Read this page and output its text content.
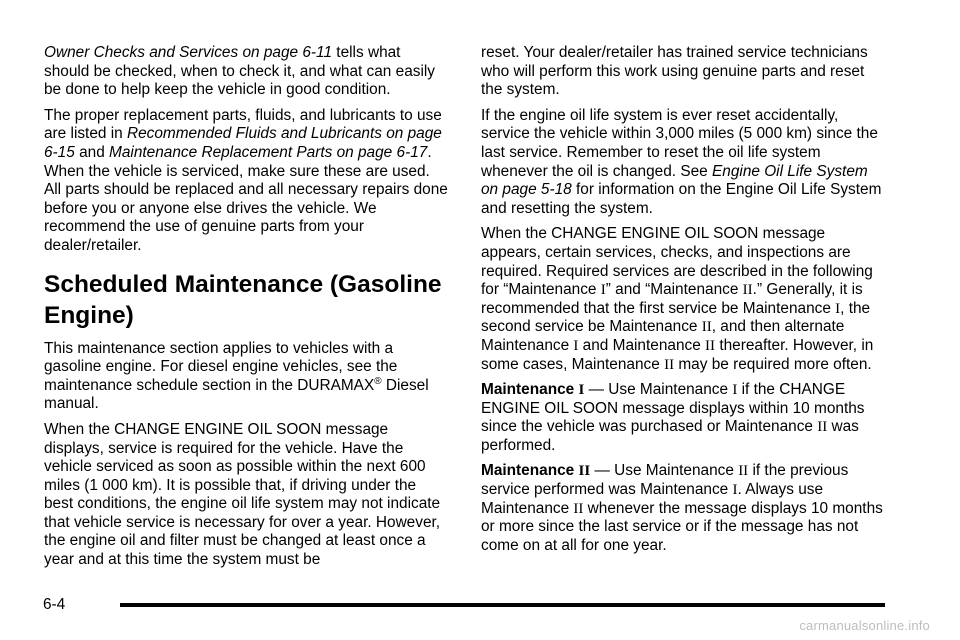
Owner Checks and Services on page 6-11 tells what should be checked, when to check it, and what can easily be done to help keep the vehicle in good condition.

The proper replacement parts, fluids, and lubricants to use are listed in Recommended Fluids and Lubricants on page 6-15 and Maintenance Replacement Parts on page 6-17. When the vehicle is serviced, make sure these are used. All parts should be replaced and all necessary repairs done before you or anyone else drives the vehicle. We recommend the use of genuine parts from your dealer/retailer.

Scheduled Maintenance (Gasoline Engine)

This maintenance section applies to vehicles with a gasoline engine. For diesel engine vehicles, see the maintenance schedule section in the DURAMAX® Diesel manual.

When the CHANGE ENGINE OIL SOON message displays, service is required for the vehicle. Have the vehicle serviced as soon as possible within the next 600 miles (1 000 km). It is possible that, if driving under the best conditions, the engine oil life system may not indicate that vehicle service is necessary for over a year. However, the engine oil and filter must be changed at least once a year and at this time the system must be

reset. Your dealer/retailer has trained service technicians who will perform this work using genuine parts and reset the system.

If the engine oil life system is ever reset accidentally, service the vehicle within 3,000 miles (5 000 km) since the last service. Remember to reset the oil life system whenever the oil is changed. See Engine Oil Life System on page 5-18 for information on the Engine Oil Life System and resetting the system.

When the CHANGE ENGINE OIL SOON message appears, certain services, checks, and inspections are required. Required services are described in the following for “Maintenance I” and “Maintenance II.” Generally, it is recommended that the first service be Maintenance I, the second service be Maintenance II, and then alternate Maintenance I and Maintenance II thereafter. However, in some cases, Maintenance II may be required more often.

Maintenance I — Use Maintenance I if the CHANGE ENGINE OIL SOON message displays within 10 months since the vehicle was purchased or Maintenance II was performed.

Maintenance II — Use Maintenance II if the previous service performed was Maintenance I. Always use Maintenance II whenever the message displays 10 months or more since the last service or if the message has not come on at all for one year.

6-4
carmanualsonline.info
